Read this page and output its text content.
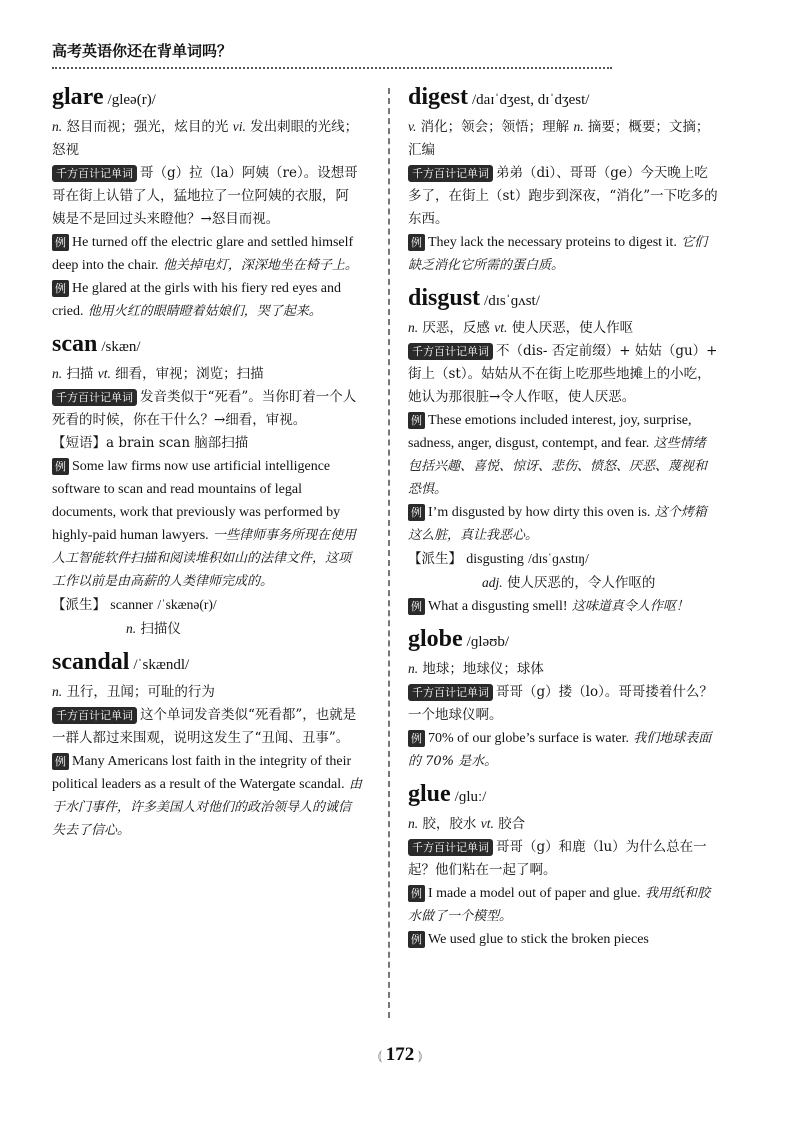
高考英语你还在背单词吗？
glare /gleə(r)/

n. 怒目而视；强光，炫目的光 vi. 发出刺眼的光线；怒视

千方百计记单词 哥（g）拉（la）阿姨（re）。设想哥哥在街上认错了人，猛地拉了一位阿姨的衣服，阿姨是不是回过头来瞪他？→怒目而视。

例 He turned off the electric glare and settled himself deep into the chair. 他关掉电灯，深深地坐在椅子上。

例 He glared at the girls with his fiery red eyes and cried. 他用火红的眼睛瞪着姑娘们，哭了起来。

scan /skæn/

n. 扫描 vt. 细看，审视；浏览；扫描

千方百计记单词 发音类似于“死看”。当你盯着一个人死看的时候，你在干什么？→细看，审视。

【短语】a brain scan 脑部扫描

例 Some law firms now use artificial intelligence software to scan and read mountains of legal documents, work that previously was performed by highly-paid human lawyers. 一些律师事务所现在使用人工智能软件扫描和阅读堆积如山的法律文件，这项工作以前是由高薪的人类律师完成的。

【派生】 scanner /ˈskænə(r)/

n. 扫描仪

scandal /ˈskændl/

n. 丑行，丑闻；可耻的行为

千方百计记单词 这个单词发音类似“死看都”，也就是一群人都过来围观，说明这发生了“丑闻、丑事”。

例 Many Americans lost faith in the integrity of their political leaders as a result of the Watergate scandal. 由于水门事件，许多美国人对他们的政治领导人的诚信失去了信心。

digest /daɪˈdʒest, dɪˈdʒest/

v. 消化；领会；领悟；理解 n. 摘要；概要；文摘；汇编

千方百计记单词 弟弟（di）、哥哥（ge）今天晚上吃多了，在街上（st）跑步到深夜，“消化”一下吃多的东西。

例 They lack the necessary proteins to digest it. 它们缺乏消化它所需的蛋白质。

disgust /dɪsˈɡʌst/

n. 厌恶，反感 vt. 使人厌恶，使人作呕

千方百计记单词 不（dis- 否定前缀）+ 姑姑（gu）+ 街上（st）。姑姑从不在街上吃那些地摊上的小吃，她认为那很脏→令人作呕，使人厌恶。

例 These emotions included interest, joy, surprise, sadness, anger, disgust, contempt, and fear. 这些情绪包括兴趣、喜悦、惊讶、悲伤、愤怒、厌恶、蔑视和恐惧。

例 I’m disgusted by how dirty this oven is. 这个烤箱这么脏，真让我恶心。

【派生】 disgusting /dɪsˈɡʌstɪŋ/

adj. 使人厌恶的，令人作呕的

例 What a disgusting smell! 这味道真令人作呕！

globe /ɡləʊb/

n. 地球；地球仪；球体

千方百计记单词 哥哥（g）搂（lo）。哥哥搂着什么？一个地球仪啊。

例 70% of our globe’s surface is water. 我们地球表面的 70% 是水。

glue /ɡluː/

n. 胶，胶水 vt. 胶合

千方百计记单词 哥哥（g）和鹿（lu）为什么总在一起？他们粘在一起了啊。

例 I made a model out of paper and glue. 我用纸和胶水做了一个模型。

例 We used glue to stick the broken pieces

⦅ 172 ⦆
